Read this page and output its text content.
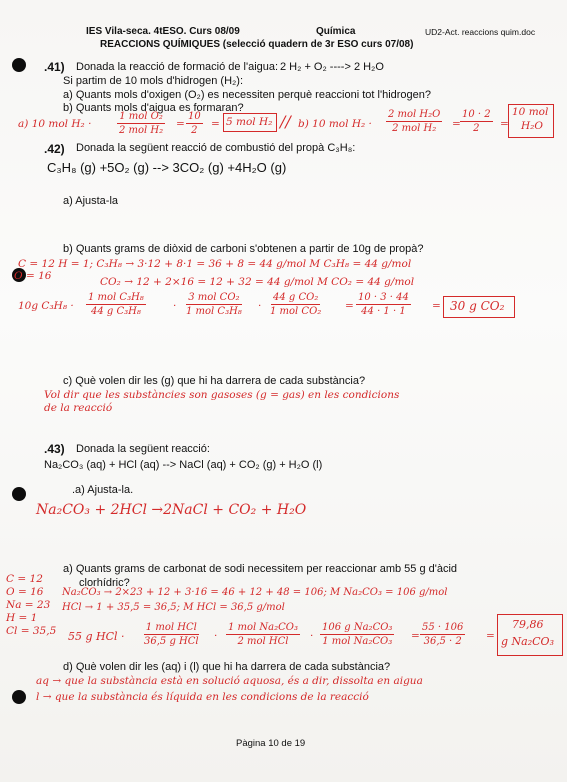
IES Vila-seca. 4tESO. Curs 08/09	Química	UD2-Act. reaccions quim.doc
REACCIONS QUÍMIQUES (selecció quadern de 3r ESO curs 07/08)
.41) Donada la reacció de formació de l'aigua: 2 H₂ + O₂ ----> 2 H₂O
Si partim de 10 mols d'hidrogen (H₂):
a) Quants mols d'oxigen (O₂) es necessiten perquè reaccioni tot l'hidrogen?
b) Quants mols d'aigua es formaran?
a) 10 mol H₂ ·
1 mol O₂
2 mol H₂
= $\frac{10}{2} = 5$ mol H₂ // b) 10 mol H₂ ·
2 mol H₂O
2 mol $H_2 = \frac{10 \cdot 2}{2}$ =
10 mol
H₂O
.42) Donada la següent reacció de combustió del propà C₃H₈:
C₃H₈ (g) +5O₂ (g) --> 3CO₂ (g) +4H₂O (g)
a) Ajusta-la
b) Quants grams de diòxid de carboni s'obtenen a partir de 10g de propà?
C = 12 H = 1; C₃H₈ → 3·12 + 8·1 = 36 + 8 = 44 g/mol M C₃H₈ = 44 g/mol
O = 16	CO₂ → 12 + 2×16 = 12 + 32 = 44 g/mol M CO₂ = 44 g/mol
10g C₃H₈ ·
1 mol C₃H₈
44 g C₃H₈	·
3 mol CO₂
1 mol C₃H₈ ·
44 g CO₂
1 mol $CO_2 = \frac{10 \cdot 3 \cdot 44}{44 \cdot 1 \cdot 1} = 30$ g CO₂
c) Què volen dir les (g) que hi ha darrera de cada substància?
Vol dir que les substàncies son gasoses (g = gas) en les condicions
de la reacció
.43) Donada la següent reacció:
Na₂CO₃ (aq) + HCl (aq) --> NaCl (aq) + CO₂ (g) + H₂O (l)
.a) Ajusta-la.
Na₂CO₃ + 2HCl →2NaCl + CO₂ + H₂O
a) Quants grams de carbonat de sodi necessitem per reaccionar amb 55 g d'àcid
clorhídric?
C = 12
O = 16
Na = 23
H = 1
Cl = 35,5
Na₂CO₃ → 2×23 + 12 + 3·16 = 46 + 12 + 48 = 106; M Na₂CO₃ = 106 g/mol
HCl → 1 + 35,5 = 36,5; M HCl = 36,5 g/mol
55 g HCl ·
1 mol HCl
36,5 g HCl ·
1 mol Na₂CO₃
2 mol HCl ·
106 g Na₂CO₃
1 mol $Na_2CO_3 = \frac{55 \cdot 106}{36,5 \cdot 2}$ =
79,86
g Na₂CO₃
d) Què volen dir les (aq) i (l) que hi ha darrera de cada substància?
aq → que la substància està en solució aquosa, és a dir, dissolta en aigua
l → que la substància és líquida en les condicions de la reacció
Pàgina 10 de 19
